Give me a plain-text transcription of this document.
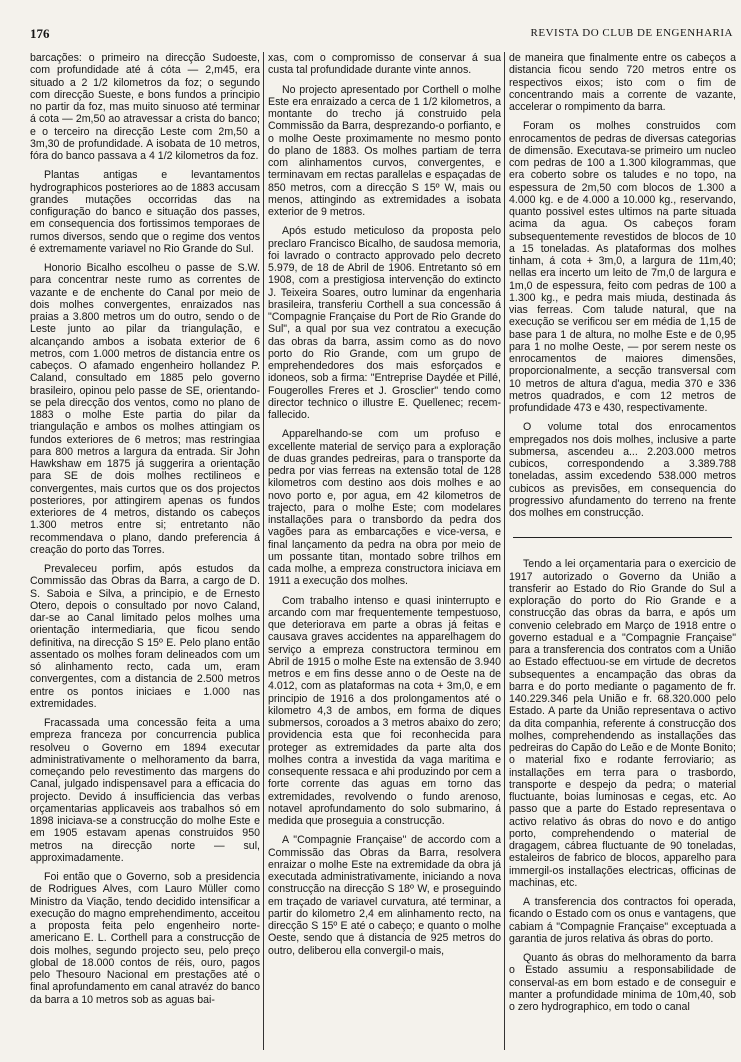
176	REVISTA DO CLUB DE ENGENHARIA

barcações: o primeiro na direcção Sudoeste, com profundidade até á cóta — 2,m45, era situado a 2 1/2 kilometros da foz; o segundo com direcção Sueste, e bons fundos a principio no partir da foz, mas muito sinuoso até terminar á cota — 2m,50 ao atravessar a crista do banco; e o terceiro na direcção Leste com 2m,50 a 3m,30 de profundidade. A isobata de 10 metros, fóra do banco passava a 4 1/2 kilometros da foz.

Plantas antigas e levantamentos hydrographicos posteriores ao de 1883 accusam grandes mutações occorridas das na configuração do banco e situação dos passes, em consequencia dos fortissimos temporaes de rumos diversos, sendo que o regime dos ventos é extremamente variavel no Rio Grande do Sul.

Honorio Bicalho escolheu o passe de S.W. para concentrar neste rumo as correntes de vazante e de enchente do Canal por meio de dois molhes convergentes, enraizados nas praias a 3.800 metros um do outro, sendo o de Leste junto ao pilar da triangulação, e alcançando ambos a isobata exterior de 6 metros, com 1.000 metros de distancia entre os cabeços. O afamado engenheiro hollandez P. Caland, consultado em 1885 pelo governo brasileiro, opinou pelo passe de SE, orientando-se pela direcção dos ventos, como no plano de 1883 o molhe Este partia do pilar da triangulação e ambos os molhes attingiam os fundos exteriores de 6 metros; mas restringiaa para 800 metros a largura da entrada. Sir John Hawkshaw em 1875 já suggerira a orientação para SE de dois molhes rectilineos e convergentes, mais curtos que os dos projectos posteriores, por attingirem apenas os fundos exteriores de 4 metros, distando os cabeços 1.300 metros entre si; entretanto não recommendava o plano, dando preferencia á creação do porto das Torres.

Prevaleceu porfim, após estudos da Commissão das Obras da Barra, a cargo de D. S. Saboia e Silva, a principio, e de Ernesto Otero, depois o consultado por novo Caland, dar-se ao Canal limitado pelos molhes uma orientação intermediaria, que ficou sendo definitiva, na direcção S 15º E. Pelo plano então assentado os molhes foram delineados com um só alinhamento recto, cada um, eram convergentes, com a distancia de 2.500 metros entre os pontos iniciaes e 1.000 nas extremidades.

Fracassada uma concessão feita a uma empreza franceza por concurrencia publica resolveu o Governo em 1894 executar administrativamente o melhoramento da barra, começando pelo revestimento das margens do Canal, julgado indispensavel para a efficacia do projecto. Devido á insufficiencia das verbas orçamentarias applicaveis aos trabalhos só em 1898 iniciava-se a construcção do molhe Este e em 1905 estavam apenas construidos 950 metros na direcção norte — sul, approximadamente.

Foi então que o Governo, sob a presidencia de Rodrigues Alves, com Lauro Müller como Ministro da Viação, tendo decidido intensificar a execução do magno emprehendimento, acceitou a proposta feita pelo engenheiro norte-americano E. L. Corthell para a construcção de dois molhes, segundo projecto seu, pelo preço global de 18.000 contos de réis, ouro, pagos pelo Thesouro Nacional em prestações até o final aprofundamento em canal atravéz do banco da barra a 10 metros sob as aguas bai-

xas, com o compromisso de conservar á sua custa tal profundidade durante vinte annos.

No projecto apresentado por Corthell o molhe Este era enraizado a cerca de 1 1/2 kilometros, a montante do trecho já construido pela Commissão da Barra, desprezando-o porfianto, e o molhe Oeste proximamente no mesmo ponto do plano de 1883. Os molhes partiam de terra com alinhamentos curvos, convergentes, e terminavam em rectas parallelas e espaçadas de 850 metros, com a direcção S 15º W, mais ou menos, attingindo as extremidades a isobata exterior de 9 metros.

Após estudo meticuloso da proposta pelo preclaro Francisco Bicalho, de saudosa memoria, foi lavrado o contracto approvado pelo decreto 5.979, de 18 de Abril de 1906. Entretanto só em 1908, com a prestigiosa intervenção do extincto J. Teixeira Soares, outro luminar da engenharia brasileira, transferiu Corthell a sua concessão á "Compagnie Française du Port de Rio Grande do Sul", a qual por sua vez contratou a execução das obras da barra, assim como as do novo porto do Rio Grande, com um grupo de emprehendedores dos mais esforçados e idoneos, sob a firma: "Entreprise Daydée et Pillé, Fougerolles Freres et J. Grosclier" tendo como director technico o illustre E. Quellenec; recem-fallecido.

Apparelhando-se com um profuso e excellente material de serviço para a exploração de duas grandes pedreiras, para o transporte da pedra por vias ferreas na extensão total de 128 kilometros com destino aos dois molhes e ao novo porto e, por agua, em 42 kilometros de trajecto, para o molhe Este; com modelares installações para o transbordo da pedra dos vagões para as embarcações e vice-versa, e final lançamento da pedra na obra por meio de um possante titan, montado sobre trilhos em cada molhe, a empreza constructora iniciava em 1911 a execução dos molhes.

Com trabalho intenso e quasi ininterrupto e arcando com mar frequentemente tempestuoso, que deteriorava em parte a obras já feitas e causava graves accidentes na apparelhagem do serviço a empreza constructora terminou em Abril de 1915 o molhe Este na extensão de 3.940 metros e em fins desse anno o de Oeste na de 4.012, com as plataformas na cota + 3m,0, e em principio de 1916 a dos prolongamentos até o kilometro 4,3 de ambos, em forma de diques submersos, coroados a 3 metros abaixo do zero; providencia esta que foi reconhecida para proteger as extremidades da parte alta dos molhes contra a investida da vaga maritima e consequente ressaca e ahi produzindo por cem a forte corrente das aguas em torno das extremidades, revolvendo o fundo arenoso, notavel aprofundamento do solo submarino, á medida que proseguia a construcção.

A "Compagnie Française" de accordo com a Commissão das Obras da Barra, resolvera enraizar o molhe Este na extremidade da obra já executada administrativamente, iniciando a nova construcção na direcção S 18º W, e proseguindo em traçado de variavel curvatura, até terminar, a partir do kilometro 2,4 em alinhamento recto, na direcção S 15º E até o cabeço; e quanto o molhe Oeste, sendo que á distancia de 925 metros do outro, deliberou ella convergil-o mais,

de maneira que finalmente entre os cabeços a distancia ficou sendo 720 metros entre os respectivos eixos; isto com o fim de concentrando mais a corrente de vazante, accelerar o rompimento da barra.

Foram os molhes construidos com enrocamentos de pedras de diversas categorias de dimensão. Executava-se primeiro um nucleo com pedras de 100 a 1.300 kilogrammas, que era coberto sobre os taludes e no topo, na espessura de 2m,50 com blocos de 1.300 a 4.000 kg. e de 4.000 a 10.000 kg., reservando, quanto possivel estes ultimos na parte situada acima da agua. Os cabeços foram subsequentemente revestidos de blocos de 10 a 15 toneladas. As plataformas dos molhes tinham, á cota + 3m,0, a largura de 11m,40; nellas era incerto um leito de 7m,0 de largura e 1m,0 de espessura, feito com pedras de 100 a 1.300 kg., e pedra mais miuda, destinada ás vias ferreas. Com talude natural, que na execução se verificou ser em média de 1,15 de base para 1 de altura, no molhe Este e de 0,95 para 1 no molhe Oeste, — por serem neste os enrocamentos de maiores dimensões, proporcionalmente, a secção transversal com 10 metros de altura d'agua, media 370 e 336 metros quadrados, e com 12 metros de profundidade 473 e 430, respectivamente.

O volume total dos enrocamentos empregados nos dois molhes, inclusive a parte submersa, ascendeu a... 2.203.000 metros cubicos, correspondendo a 3.389.788 toneladas, assim excedendo 538.000 metros cubicos as previsões, em consequencia do progressivo afundamento do terreno na frente dos molhes em construcção.

Tendo a lei orçamentaria para o exercicio de 1917 autorizado o Governo da União a transferir ao Estado do Rio Grande do Sul a exploração do porto do Rio Grande e a construcção das obras da barra, e após um convenio celebrado em Março de 1918 entre o governo estadual e a "Compagnie Française" para a transferencia dos contratos com a União ao Estado effectuou-se em virtude de decretos subsequentes a encampação das obras da barra e do porto mediante o pagamento de fr. 140.229.346 pela União e fr. 68.320.000 pelo Estado. A parte da União representava o activo da dita companhia, referente á construcção dos molhes, comprehendendo as installações das pedreiras do Capão do Leão e de Monte Bonito; o material fixo e rodante ferroviario; as installações em terra para o trasbordo, transporte e despejo da pedra; o material fluctuante, boias luminosas e cegas, etc. Ao passo que a parte do Estado representava o activo relativo ás obras do novo e do antigo porto, comprehendendo o material de dragagem, cábrea fluctuante de 90 toneladas, estaleiros de fabrico de blocos, apparelho para immergil-os installações electricas, officinas de machinas, etc.

A transferencia dos contractos foi operada, ficando o Estado com os onus e vantagens, que cabiam á "Compagnie Française" exceptuada a garantia de juros relativa ás obras do porto.

Quanto ás obras do melhoramento da barra o Estado assumiu a responsabilidade de conserval-as em bom estado e de conseguir e manter a profundidade minima de 10m,40, sob o zero hydrographico, em todo o canal
